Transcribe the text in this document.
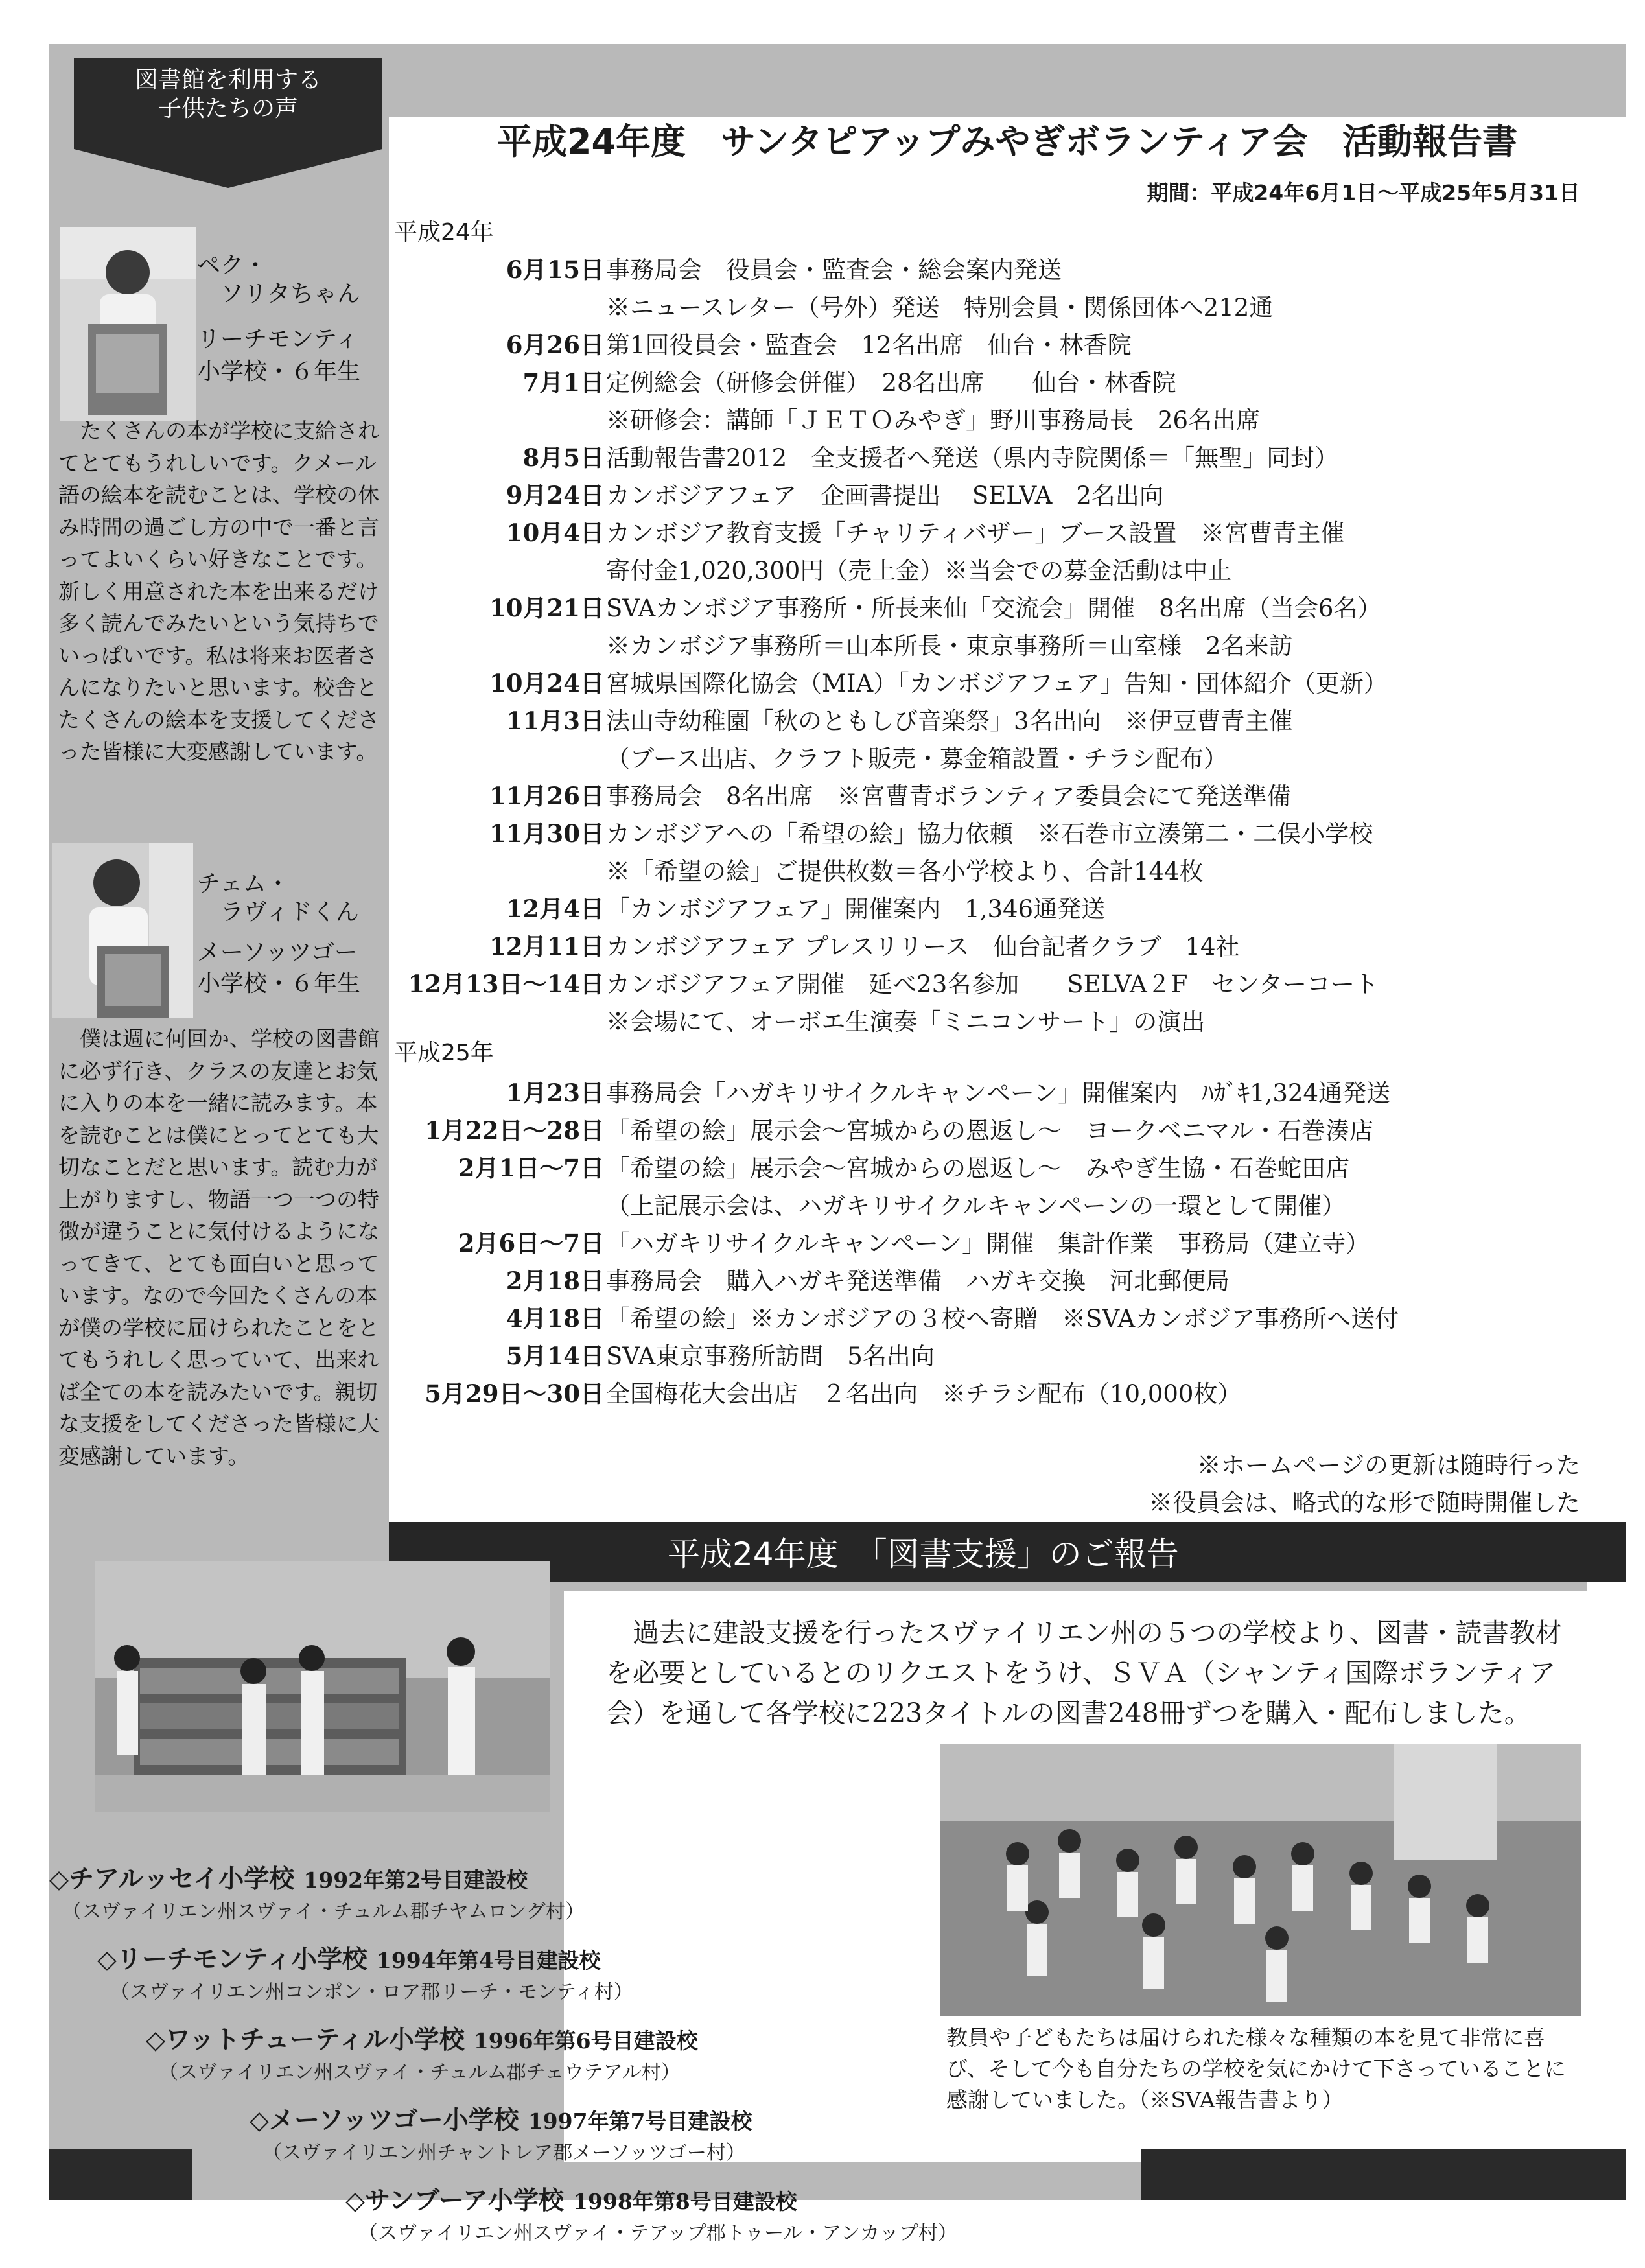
図書館を利用する
子供たちの声
ペク・
ソリタちゃん
リーチモンティ
小学校・６年生

たくさんの本が学校に支給されてとてもうれしいです。クメール語の絵本を読むことは、学校の休み時間の過ごし方の中で一番と言ってよいくらい好きなことです。新しく用意された本を出来るだけ多く読んでみたいという気持ちでいっぱいです。私は将来お医者さんになりたいと思います。校舎とたくさんの絵本を支援してくださった皆様に大変感謝しています。

チェム・
ラヴィドくん
メーソッツゴー
小学校・６年生

僕は週に何回か、学校の図書館に必ず行き、クラスの友達とお気に入りの本を一緒に読みます。本を読むことは僕にとってとても大切なことだと思います。読む力が上がりますし、物語一つ一つの特徴が違うことに気付けるようになってきて、とても面白いと思っています。なので今回たくさんの本が僕の学校に届けられたことをとてもうれしく思っていて、出来れば全ての本を読みたいです。親切な支援をしてくださった皆様に大変感謝しています。

平成24年度　サンタピアップみやぎボランティア会　活動報告書
期間：平成24年6月1日〜平成25年5月31日
平成24年
6月15日 事務局会　役員会・監査会・総会案内発送
※ニュースレター（号外）発送　特別会員・関係団体へ212通
6月26日 第1回役員会・監査会　12名出席　仙台・林香院
7月1日 定例総会（研修会併催）　28名出席　　仙台・林香院
※研修会：講師「ＪＥＴＯみやぎ」野川事務局長　26名出席
8月5日 活動報告書2012　全支援者へ発送（県内寺院関係＝「無聖」同封）
9月24日 カンボジアフェア　企画書提出　 SELVA　2名出向
10月4日 カンボジア教育支援「チャリティバザー」ブース設置　※宮曹青主催
寄付金1,020,300円（売上金）※当会での募金活動は中止
10月21日 SVAカンボジア事務所・所長来仙「交流会」開催　8名出席（当会6名）
※カンボジア事務所＝山本所長・東京事務所＝山室様　2名来訪
10月24日 宮城県国際化協会（MIA）「カンボジアフェア」告知・団体紹介（更新）
11月3日 法山寺幼稚園「秋のともしび音楽祭」3名出向　※伊豆曹青主催
（ブース出店、クラフト販売・募金箱設置・チラシ配布）
11月26日 事務局会　8名出席　※宮曹青ボランティア委員会にて発送準備
11月30日 カンボジアへの「希望の絵」協力依頼　※石巻市立湊第二・二俣小学校
※「希望の絵」ご提供枚数＝各小学校より、合計144枚
12月4日 「カンボジアフェア」開催案内　1,346通発送
12月11日 カンボジアフェア プレスリリース　仙台記者クラブ　14社
12月13日〜14日 カンボジアフェア開催　延べ23名参加　　SELVA２F　センターコート
※会場にて、オーボエ生演奏「ミニコンサート」の演出
平成25年
1月23日 事務局会「ハガキリサイクルキャンペーン」開催案内　ﾊｶﾞｷ1,324通発送
1月22日〜28日 「希望の絵」展示会〜宮城からの恩返し〜　ヨークベニマル・石巻湊店
2月1日〜7日 「希望の絵」展示会〜宮城からの恩返し〜　みやぎ生協・石巻蛇田店
（上記展示会は、ハガキリサイクルキャンペーンの一環として開催）
2月6日〜7日 「ハガキリサイクルキャンペーン」開催　集計作業　事務局（建立寺）
2月18日 事務局会　購入ハガキ発送準備　ハガキ交換　河北郵便局
4月18日 「希望の絵」※カンボジアの３校へ寄贈　※SVAカンボジア事務所へ送付
5月14日 SVA東京事務所訪問　5名出向
5月29日〜30日 全国梅花大会出店　２名出向　※チラシ配布（10,000枚）
※ホームページの更新は随時行った
※役員会は、略式的な形で随時開催した
平成24年度　「図書支援」のご報告

過去に建設支援を行ったスヴァイリエン州の５つの学校より、図書・読書教材を必要としているとのリクエストをうけ、ＳＶＡ（シャンティ国際ボランティア会）を通して各学校に223タイトルの図書248冊ずつを購入・配布しました。

教員や子どもたちは届けられた様々な種類の本を見て非常に喜び、そして今も自分たちの学校を気にかけて下さっていることに感謝していました。（※SVA報告書より）

◇チアルッセイ小学校 1992年第2号目建設校
（スヴァイリエン州スヴァイ・チュルム郡チヤムロング村）
◇リーチモンティ小学校 1994年第4号目建設校
（スヴァイリエン州コンポン・ロア郡リーチ・モンティ村）
◇ワットチューティル小学校 1996年第6号目建設校
（スヴァイリエン州スヴァイ・チュルム郡チェウテアル村）
◇メーソッツゴー小学校 1997年第7号目建設校
（スヴァイリエン州チャントレア郡メーソッツゴー村）
◇サンブーア小学校 1998年第8号目建設校
（スヴァイリエン州スヴァイ・テアップ郡トゥール・アンカップ村）
